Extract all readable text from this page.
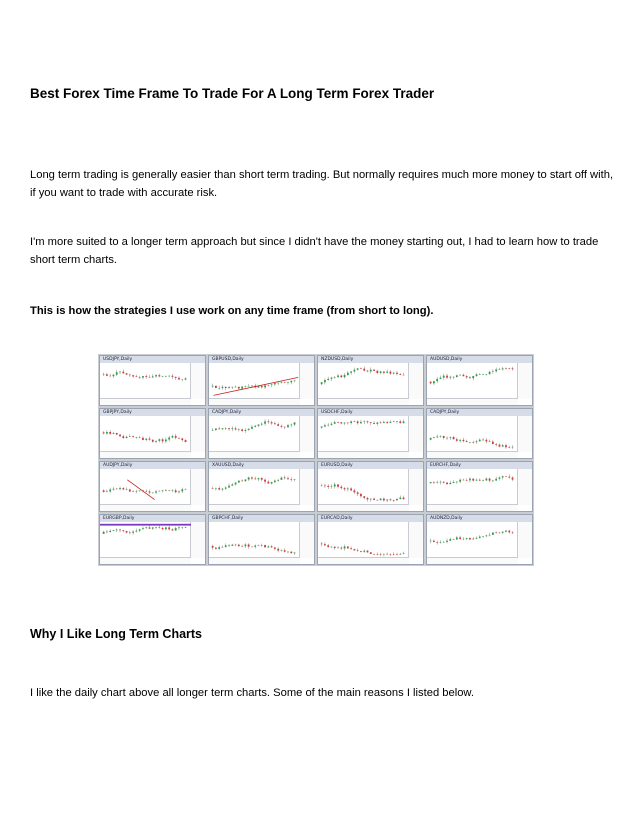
Best Forex Time Frame To Trade For A Long Term Forex Trader

Long term trading is generally easier than short term trading. But normally requires much more money to start off with, if you want to trade with accurate risk.

I'm more suited to a longer term approach but since I didn't have the money starting out, I had to learn how to trade short term charts.

This is how the strategies I use work on any time frame (from short to long).

USDJPY,Daily	GBPUSD,Daily	NZDUSD,Daily	AUDUSD,Daily
GBPJPY,Daily	CADJPY,Daily	USDCHF,Daily	CADJPY,Daily
AUDJPY,Daily	XAUUSD,Daily	EURUSD,Daily	EURCHF,Daily
EURGBP,Daily	GBPCHF,Daily	EURCAD,Daily	AUDNZD,Daily
Why I Like Long Term Charts

I like the daily chart above all longer term charts. Some of the main reasons I listed below.
